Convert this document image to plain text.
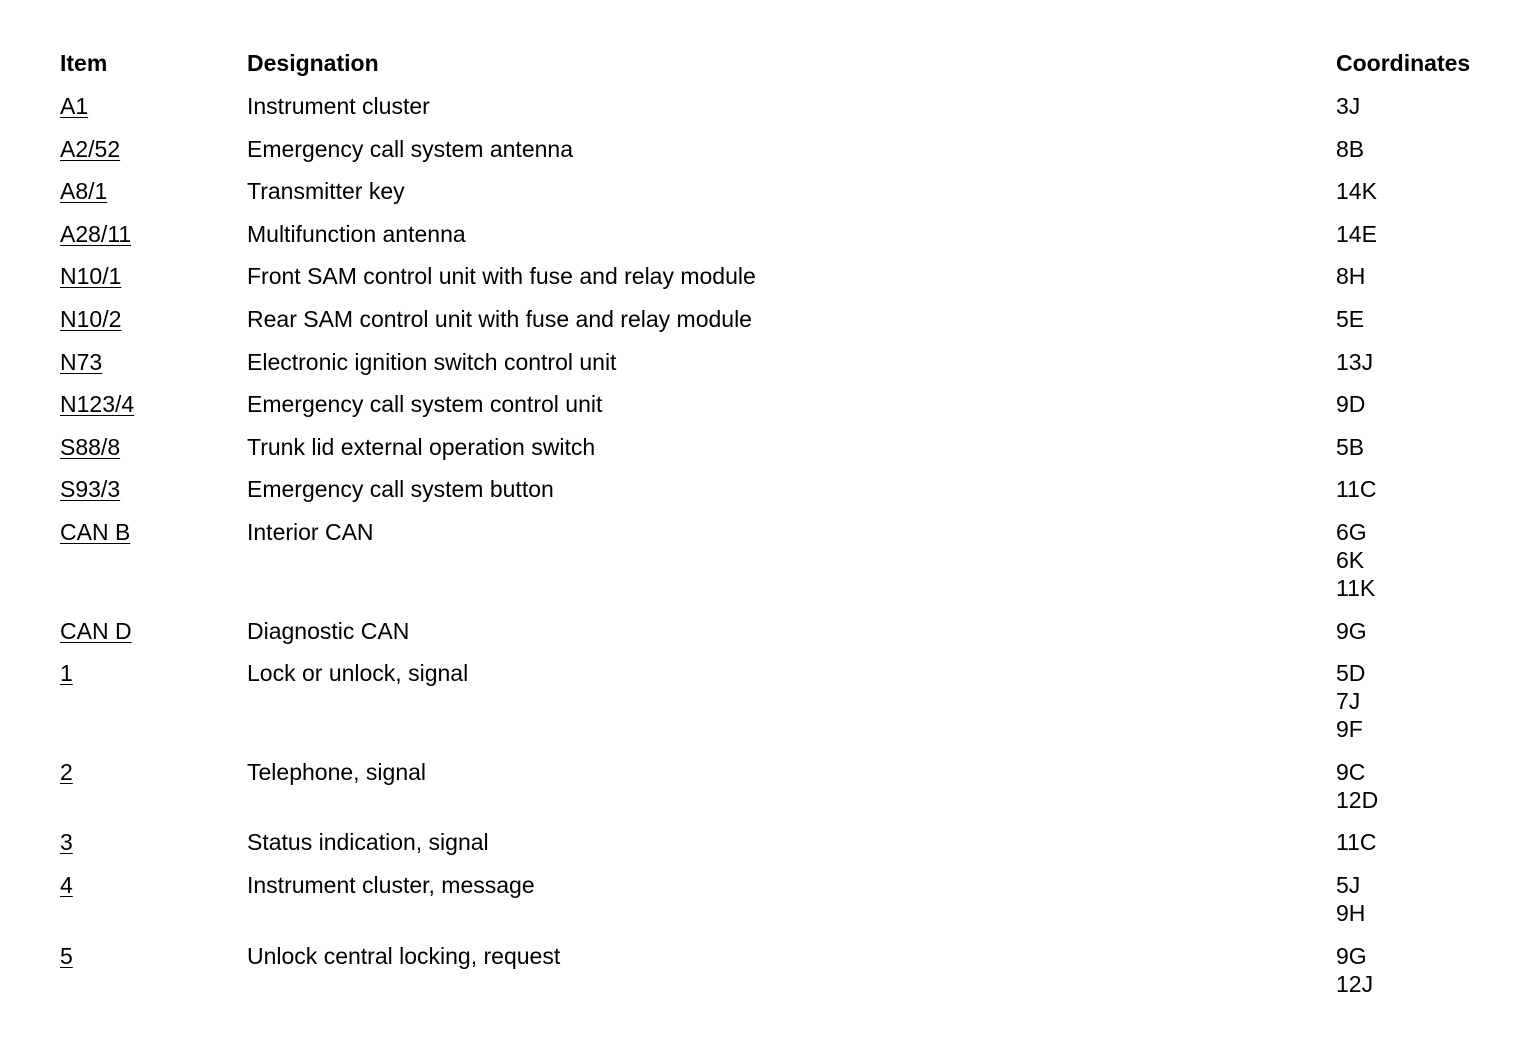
Item	Designation	Coordinates
A1	Instrument cluster	3J
A2/52	Emergency call system antenna	8B
A8/1	Transmitter key	14K
A28/11	Multifunction antenna	14E
N10/1	Front SAM control unit with fuse and relay module	8H
N10/2	Rear SAM control unit with fuse and relay module	5E
N73	Electronic ignition switch control unit	13J
N123/4	Emergency call system control unit	9D
S88/8	Trunk lid external operation switch	5B
S93/3	Emergency call system button	11C
CAN B	Interior CAN	6G
6K
11K
CAN D	Diagnostic CAN	9G
1	Lock or unlock, signal	5D
7J
9F
2	Telephone, signal	9C
12D
3	Status indication, signal	11C
4	Instrument cluster, message	5J
9H
5	Unlock central locking, request	9G
12J
